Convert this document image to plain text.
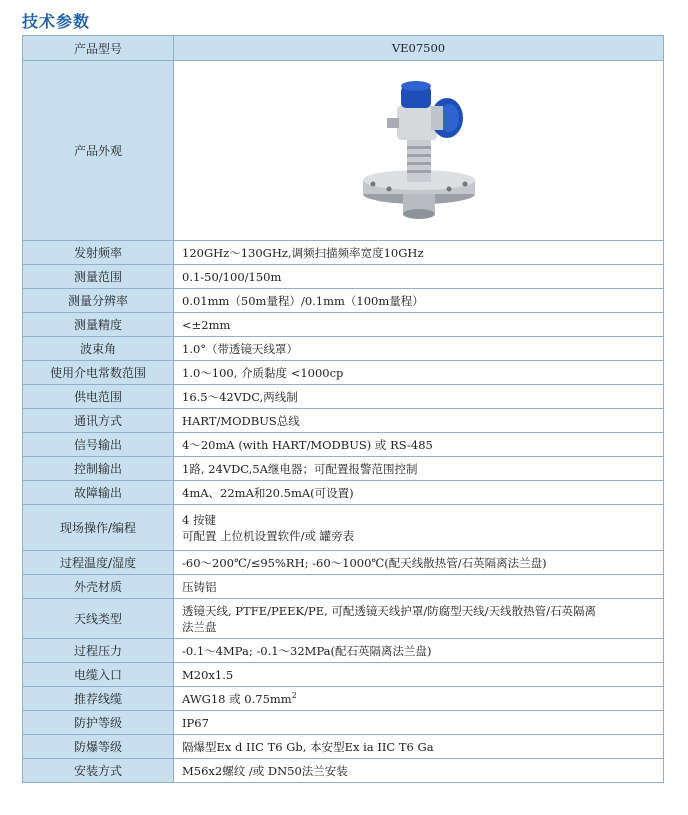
技术参数
产品型号	VE07500
产品外观	

发射频率	120GHz～130GHz,调频扫描频率宽度10GHz
测量范围	0.1-50/100/150m
测量分辨率	0.01mm（50m量程）/0.1mm（100m量程）
测量精度	<±2mm
波束角	1.0°（带透镜天线罩）
使用介电常数范围	1.0～100, 介质黏度 <1000cp
供电范围	16.5～42VDC,两线制
通讯方式	HART/MODBUS总线
信号输出	4～20mA (with HART/MODBUS) 或 RS-485
控制输出	1路, 24VDC,5A继电器；可配置报警范围控制
故障输出	4mA、22mA和20.5mA(可设置)
现场操作/编程	4 按键
可配置 上位机设置软件/或 罐旁表

过程温度/湿度	-60～200℃/≤95%RH; -60～1000℃(配天线散热管/石英隔离法兰盘)
外壳材质	压铸铝
天线类型	透镜天线, PTFE/PEEK/PE, 可配透镜天线护罩/防腐型天线/天线散热管/石英隔离
法兰盘

过程压力	-0.1～4MPa; -0.1～32MPa(配石英隔离法兰盘)
电缆入口	M20x1.5
推荐线缆	AWG18 或 $0.75mm^2$
防护等级	IP67
防爆等级	隔爆型Ex d IIC T6 Gb, 本安型Ex ia IIC T6 Ga
安装方式	M56x2螺纹 /或 DN50法兰安装
